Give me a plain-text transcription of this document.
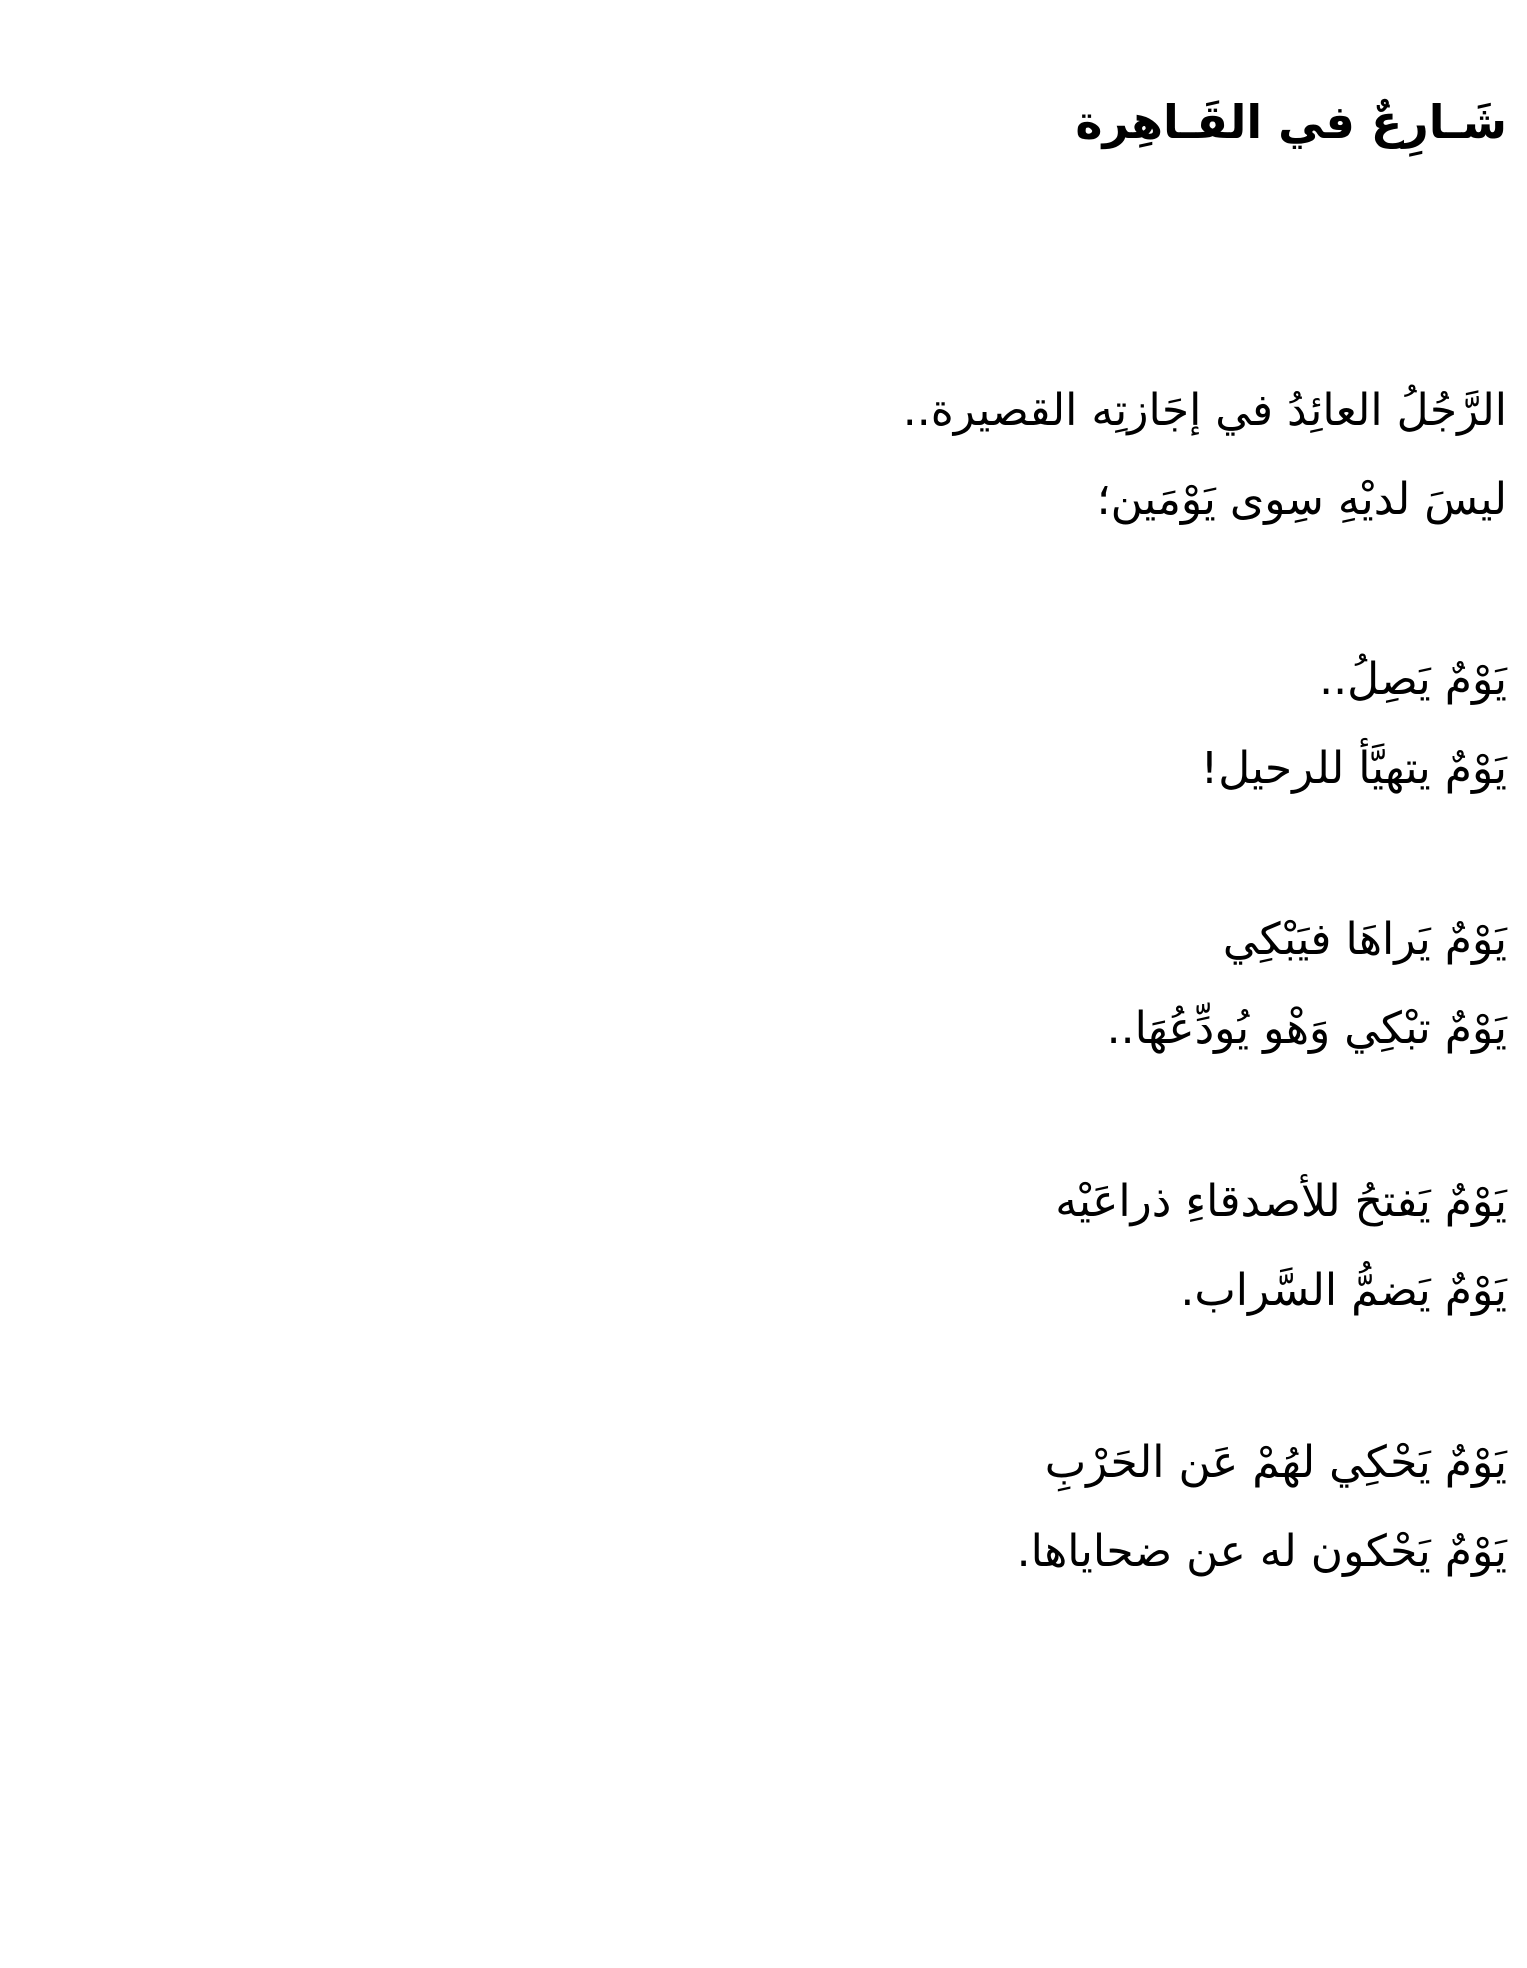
شَـارِعٌ في القَـاهِرة

الرَّجُلُ العائِدُ في إجَازتِه القصيرة..
ليسَ لديْهِ سِوى يَوْمَين؛

يَوْمٌ يَصِلُ..
يَوْمٌ يتهيَّأ للرحيل!

يَوْمٌ يَراهَا فيَبْكِي
يَوْمٌ تبْكِي وَهْو يُودِّعُهَا..

يَوْمٌ يَفتحُ للأصدقاءِ ذراعَيْه
يَوْمٌ يَضمُّ السَّراب.

يَوْمٌ يَحْكِي لهُمْ عَن الحَرْبِ
يَوْمٌ يَحْكون له عن ضحاياها.
